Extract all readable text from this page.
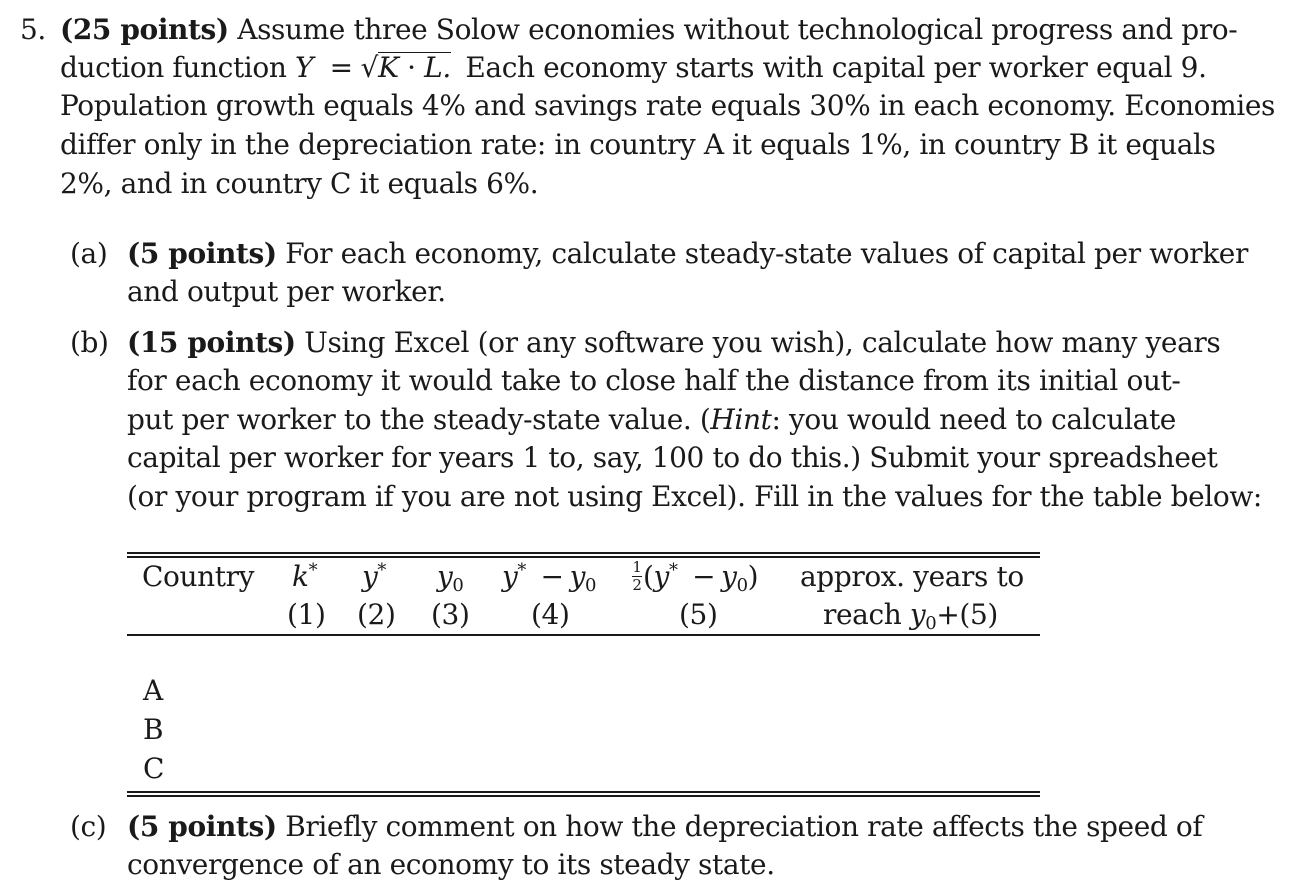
5. (25 points) Assume three Solow economies without technological progress and pro-
duction function Y = √K · L. Each economy starts with capital per worker equal 9.
Population growth equals 4% and savings rate equals 30% in each economy. Economies
differ only in the depreciation rate: in country A it equals 1%, in country B it equals
2%, and in country C it equals 6%.
(a) (5 points) For each economy, calculate steady-state values of capital per worker
and output per worker.
(b) (15 points) Using Excel (or any software you wish), calculate how many years
for each economy it would take to close half the distance from its initial out-
put per worker to the steady-state value. (Hint: you would need to calculate
capital per worker for years 1 to, say, 100 to do this.) Submit your spreadsheet
(or your program if you are not using Excel). Fill in the values for the table below:
Country k* y* y0 $y^* - y0 \frac{1}{2} (y^* - y0)$ approx. years to
reach y0+(5)
(1) (2) (3) (4)	(5)
A
B
C
(c) (5 points) Briefly comment on how the depreciation rate affects the speed of
convergence of an economy to its steady state.
